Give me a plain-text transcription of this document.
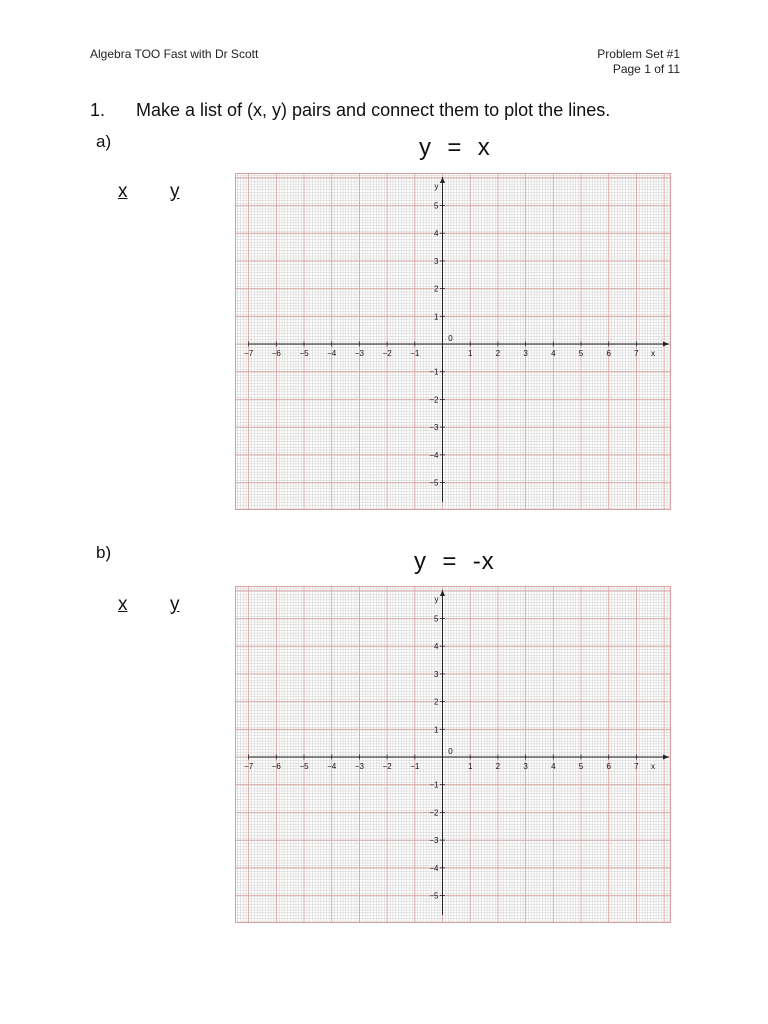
Algebra TOO Fast with Dr Scott	Problem Set #1
Page 1 of 11
1. Make a list of (x, y) pairs and connect them to plot the lines.
a)	y  =  x
x y
−7 −6 −5 −4 −3 −2 −1	1	2	3	4	5	6	7
5
4
3
2
1
−1
−2
−3
−4
−5
0
x
y
b)	y  =  -x
x y
−7 −6 −5 −4 −3 −2 −1	1	2	3	4	5	6	7
5
4
3
2
1
−1
−2
−3
−4
−5
0
x
y
